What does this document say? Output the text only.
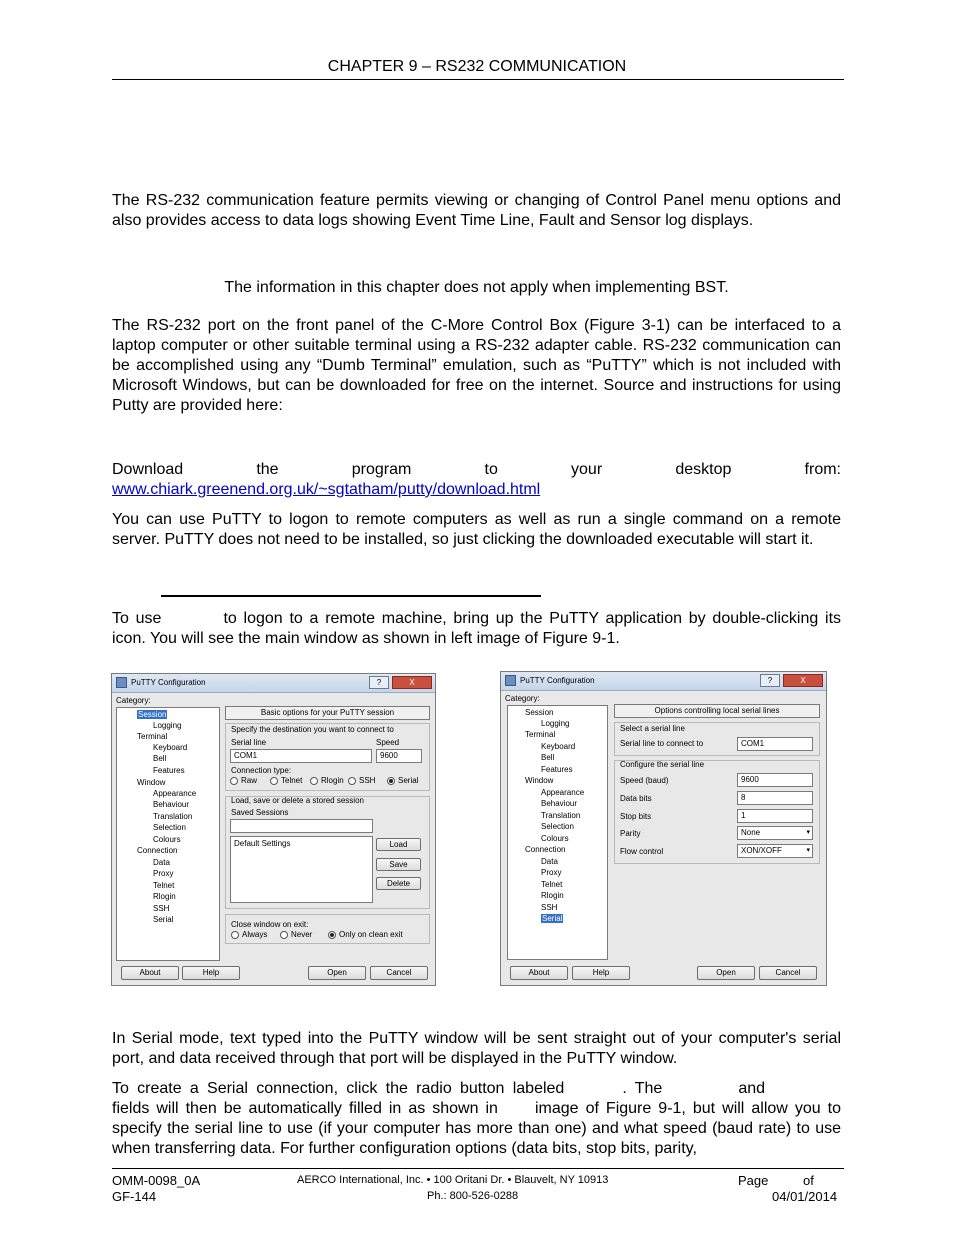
CHAPTER 9 – RS232 COMMUNICATION
The RS-232 communication feature permits viewing or changing of Control Panel menu options and also provides access to data logs showing Event Time Line, Fault and Sensor log displays.
The information in this chapter does not apply when implementing BST.
The RS-232 port on the front panel of the C-More Control Box (Figure 3-1) can be interfaced to a laptop computer or other suitable terminal using a RS-232 adapter cable. RS-232 communication can be accomplished using any “Dumb Terminal” emulation, such as “PuTTY” which is not included with Microsoft Windows, but can be downloaded for free on the internet. Source and instructions for using Putty are provided here:
Download the program to your desktop from:
www.chiark.greenend.org.uk/~sgtatham/putty/download.html
You can use PuTTY to logon to remote computers as well as run a single command on a remote server. PuTTY does not need to be installed, so just clicking the downloaded executable will start it.
To use	to logon to a remote machine, bring up the PuTTY application by double-clicking its icon. You will see the main window as shown in left image of Figure 9-1.
PuTTY Configuration	?	X
Category:
Session
Logging
Terminal
Keyboard
Bell
Features
Window
Appearance
Behaviour
Translation
Selection
Colours
Connection
Data
Proxy
Telnet
Rlogin
SSH
Serial
Basic options for your PuTTY session
Specify the destination you want to connect to
Serial line	Speed
COM1	9600
Connection type:
Raw	Telnet Rlogin SSH	Serial
Load, save or delete a stored session
Saved Sessions
Default Settings	Load
Save
Delete
Close window on exit:
Always	Never	Only on clean exit
About	Help	Open	Cancel
PuTTY Configuration	?	X
Category:
Session
Logging
Terminal
Keyboard
Bell
Features
Window
Appearance
Behaviour
Translation
Selection
Colours
Connection
Data
Proxy
Telnet
Rlogin
SSH
Serial
Options controlling local serial lines
Select a serial line
Serial line to connect to	COM1
Configure the serial line
Speed (baud)	9600
Data bits	8
Stop bits	1
Parity	None	▾
Flow control	XON/XOFF	▾
About	Help	Open	Cancel
In Serial mode, text typed into the PuTTY window will be sent straight out of your computer's serial port, and data received through that port will be displayed in the PuTTY window.
To create a Serial connection, click the radio button labeled	. The	and fields will then be automatically filled in as shown in image of Figure 9-1, but will allow you to specify the serial line to use (if your computer has more than one) and what speed (baud rate) to use when transferring data. For further configuration options (data bits, stop bits, parity,
OMM-0098_0A
GF-144
AERCO International, Inc. • 100 Oritani Dr. • Blauvelt, NY 10913
Ph.: 800-526-0288
Page	of
04/01/2014
